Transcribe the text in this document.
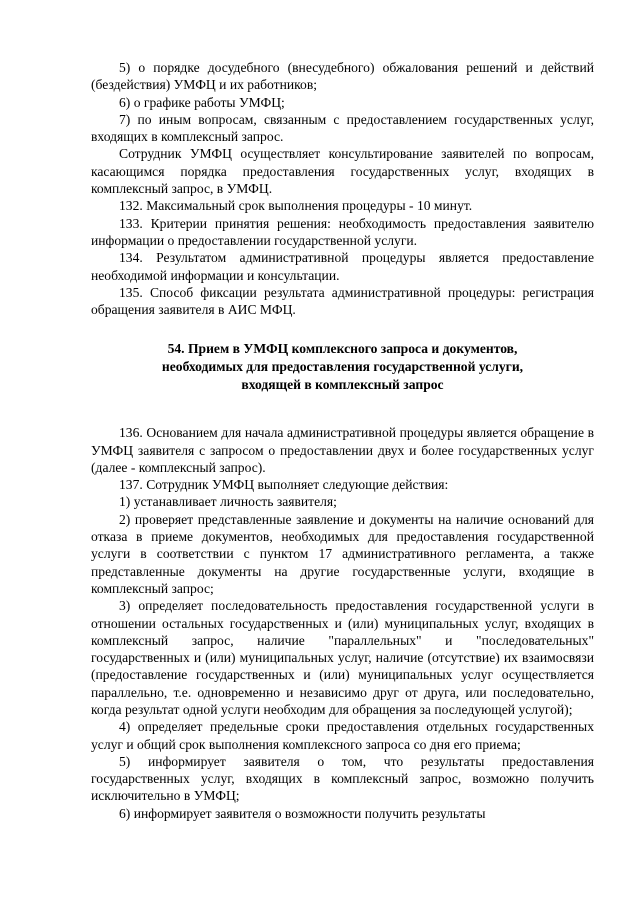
5) о порядке досудебного (внесудебного) обжалования решений и действий (бездействия) УМФЦ и их работников;

6) о графике работы УМФЦ;

7) по иным вопросам, связанным с предоставлением государственных услуг, входящих в комплексный запрос.

Сотрудник УМФЦ осуществляет консультирование заявителей по вопросам, касающимся порядка предоставления государственных услуг, входящих в комплексный запрос, в УМФЦ.

132. Максимальный срок выполнения процедуры - 10 минут.

133. Критерии принятия решения: необходимость предоставления заявителю информации о предоставлении государственной услуги.

134. Результатом административной процедуры является предоставление необходимой информации и консультации.

135. Способ фиксации результата административной процедуры: регистрация обращения заявителя в АИС МФЦ.

54. Прием в УМФЦ комплексного запроса и документов,
необходимых для предоставления государственной услуги,
входящей в комплексный запрос

136. Основанием для начала административной процедуры является обращение в УМФЦ заявителя с запросом о предоставлении двух и более государственных услуг (далее - комплексный запрос).

137. Сотрудник УМФЦ выполняет следующие действия:

1) устанавливает личность заявителя;

2) проверяет представленные заявление и документы на наличие оснований для отказа в приеме документов, необходимых для предоставления государственной услуги в соответствии с пунктом 17 административного регламента, а также представленные документы на другие государственные услуги, входящие в комплексный запрос;

3) определяет последовательность предоставления государственной услуги в отношении остальных государственных и (или) муниципальных услуг, входящих в комплексный запрос, наличие "параллельных" и "последовательных" государственных и (или) муниципальных услуг, наличие (отсутствие) их взаимосвязи (предоставление государственных и (или) муниципальных услуг осуществляется параллельно, т.е. одновременно и независимо друг от друга, или последовательно, когда результат одной услуги необходим для обращения за последующей услугой);

4) определяет предельные сроки предоставления отдельных государственных услуг и общий срок выполнения комплексного запроса со дня его приема;

5) информирует заявителя о том, что результаты предоставления государственных услуг, входящих в комплексный запрос, возможно получить исключительно в УМФЦ;

6) информирует заявителя о возможности получить результаты
